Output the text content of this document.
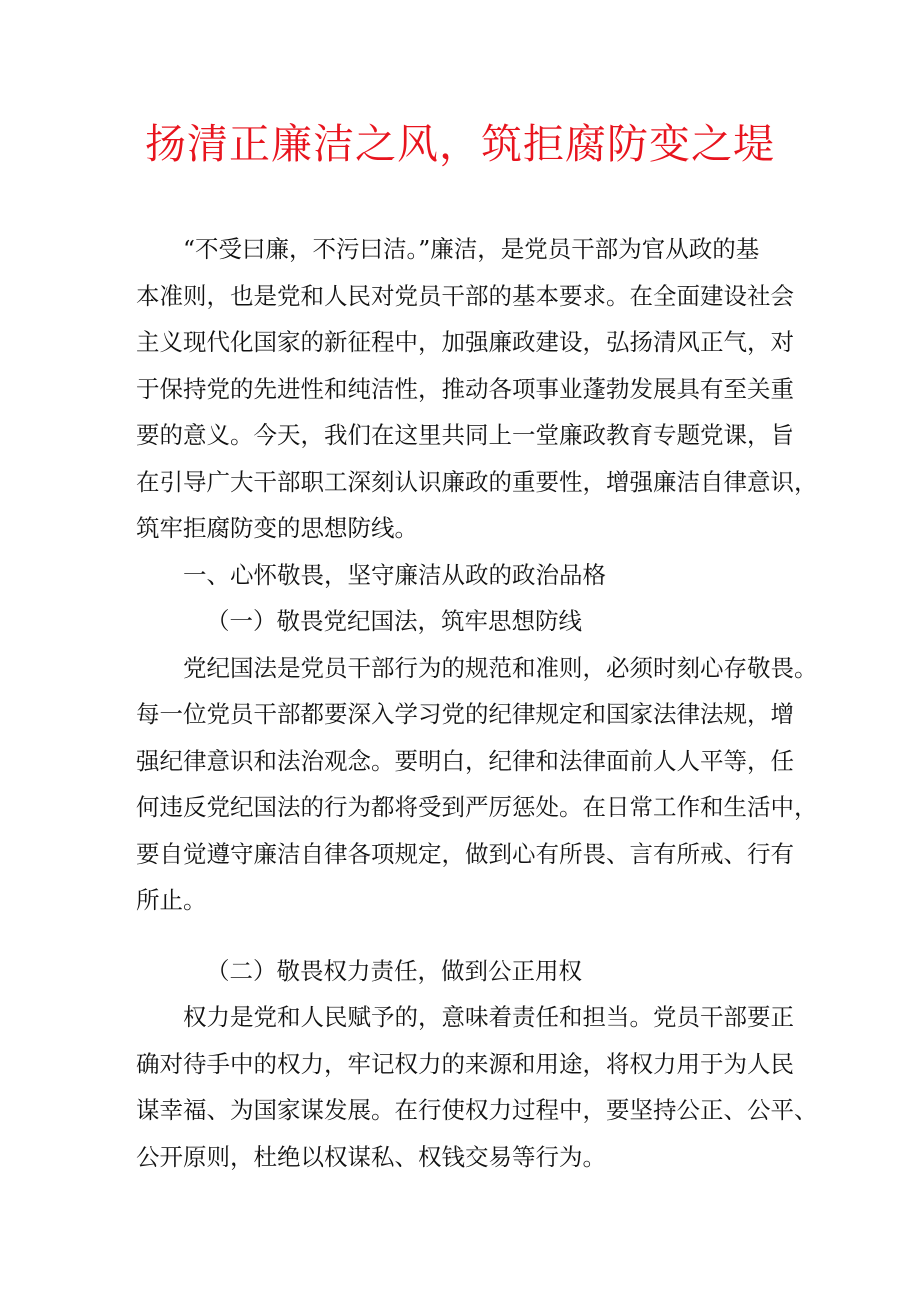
扬清正廉洁之风，筑拒腐防变之堤
“不受曰廉，不污曰洁。”廉洁，是党员干部为官从政的基
本准则，也是党和人民对党员干部的基本要求。在全面建设社会
主义现代化国家的新征程中，加强廉政建设，弘扬清风正气，对
于保持党的先进性和纯洁性，推动各项事业蓬勃发展具有至关重
要的意义。今天，我们在这里共同上一堂廉政教育专题党课，旨
在引导广大干部职工深刻认识廉政的重要性，增强廉洁自律意识，
筑牢拒腐防变的思想防线。
一、心怀敬畏，坚守廉洁从政的政治品格
（一）敬畏党纪国法，筑牢思想防线
党纪国法是党员干部行为的规范和准则，必须时刻心存敬畏。
每一位党员干部都要深入学习党的纪律规定和国家法律法规，增
强纪律意识和法治观念。要明白，纪律和法律面前人人平等，任
何违反党纪国法的行为都将受到严厉惩处。在日常工作和生活中，
要自觉遵守廉洁自律各项规定，做到心有所畏、言有所戒、行有
所止。
（二）敬畏权力责任，做到公正用权
权力是党和人民赋予的，意味着责任和担当。党员干部要正
确对待手中的权力，牢记权力的来源和用途，将权力用于为人民
谋幸福、为国家谋发展。在行使权力过程中，要坚持公正、公平、
公开原则，杜绝以权谋私、权钱交易等行为。
